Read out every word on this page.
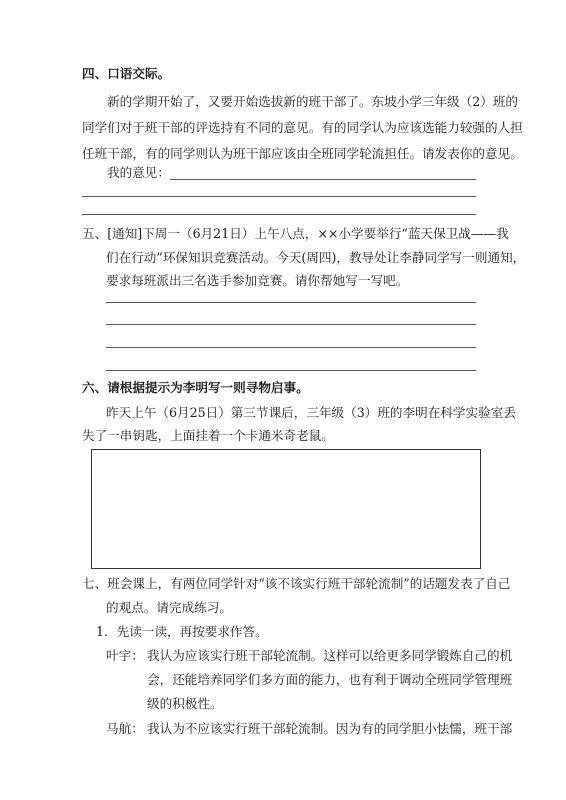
四、口语交际。
新的学期开始了，又要开始选拔新的班干部了。东坡小学三年级（2）班的
同学们对于班干部的评选持有不同的意见。有的同学认为应该选能力较强的人担
任班干部，有的同学则认为班干部应该由全班同学轮流担任。请发表你的意见。
我的意见：
五、[通知]下周一（6月21日）上午八点，××小学要举行“蓝天保卫战——我
们在行动”环保知识竞赛活动。今天(周四)，教导处让李静同学写一则通知，
要求每班派出三名选手参加竞赛。请你帮她写一写吧。
六、请根据提示为李明写一则寻物启事。
昨天上午（6月25日）第三节课后，三年级（3）班的李明在科学实验室丢
失了一串钥匙，上面挂着一个卡通米奇老鼠。
七、班会课上，有两位同学针对“该不该实行班干部轮流制”的话题发表了自己
的观点。请完成练习。
1．先读一读，再按要求作答。
叶宇： 我认为应该实行班干部轮流制。这样可以给更多同学锻炼自己的机
会，还能培养同学们多方面的能力，也有利于调动全班同学管理班
级的积极性。
马航： 我认为不应该实行班干部轮流制。因为有的同学胆小怯懦，班干部
